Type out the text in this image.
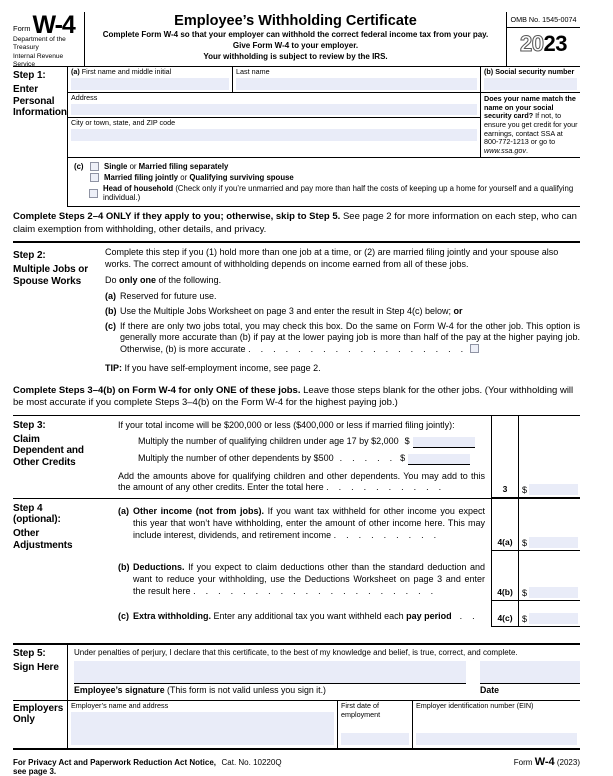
Form W-4
Department of the Treasury
Internal Revenue Service
Employee’s Withholding Certificate
Complete Form W-4 so that your employer can withhold the correct federal income tax from your pay.
Give Form W-4 to your employer.
Your withholding is subject to review by the IRS.
OMB No. 1545-0074
2023
Step 1:
Enter Personal Information
(a) First name and middle initial	Last name
Address
City or town, state, and ZIP code
(b) Social security number
Does your name match the name on your social security card? If not, to ensure you get credit for your earnings, contact SSA at 800-772-1213 or go to www.ssa.gov.
(c)	Single or Married filing separately
Married filing jointly or Qualifying surviving spouse
Head of household (Check only if you’re unmarried and pay more than half the costs of keeping up a home for yourself and a qualifying individual.)
Complete Steps 2–4 ONLY if they apply to you; otherwise, skip to Step 5. See page 2 for more information on each step, who can claim exemption from withholding, other details, and privacy.
Step 2:
Multiple Jobs or Spouse Works
Complete this step if you (1) hold more than one job at a time, or (2) are married filing jointly and your spouse also works. The correct amount of withholding depends on income earned from all of these jobs.
Do only one of the following.
(a) Reserved for future use.
(b) Use the Multiple Jobs Worksheet on page 3 and enter the result in Step 4(c) below; or
(c) If there are only two jobs total, you may check this box. Do the same on Form W-4 for the other job. This option is generally more accurate than (b) if pay at the lower paying job is more than half of the pay at the higher paying job. Otherwise, (b) is more accurate . . . . . . . . . . . . . . . . . .
TIP: If you have self-employment income, see page 2.
Complete Steps 3–4(b) on Form W-4 for only ONE of these jobs. Leave those steps blank for the other jobs. (Your withholding will be most accurate if you complete Steps 3–4(b) on the Form W-4 for the highest paying job.)
Step 3:
Claim Dependent and Other Credits
If your total income will be $200,000 or less ($400,000 or less if married filing jointly):
Multiply the number of qualifying children under age 17 by $2,000 $
Multiply the number of other dependents by $500 . . . . . $
Add the amounts above for qualifying children and other dependents. You may add to this the amount of any other credits. Enter the total here . . . . . . . . . .	3	$
Step 4 (optional):
Other Adjustments
(a) Other income (not from jobs). If you want tax withheld for other income you expect this year that won’t have withholding, enter the amount of other income here. This may include interest, dividends, and retirement income . . . . . . . . .
4(a)	$
(b) Deductions. If you expect to claim deductions other than the standard deduction and want to reduce your withholding, use the Deductions Worksheet on page 3 and enter the result here . . . . . . . . . . . . . . . . . . . .	4(b)	$
(c) Extra withholding. Enter any additional tax you want withheld each pay period . .	4(c)	$
Step 5:
Sign Here
Under penalties of perjury, I declare that this certificate, to the best of my knowledge and belief, is true, correct, and complete.
Employee’s signature (This form is not valid unless you sign it.)	Date
Employers Only
Employer’s name and address	First date of employment
Employer identification number (EIN)
For Privacy Act and Paperwork Reduction Act Notice, see page 3.
Cat. No. 10220Q	Form W-4 (2023)
